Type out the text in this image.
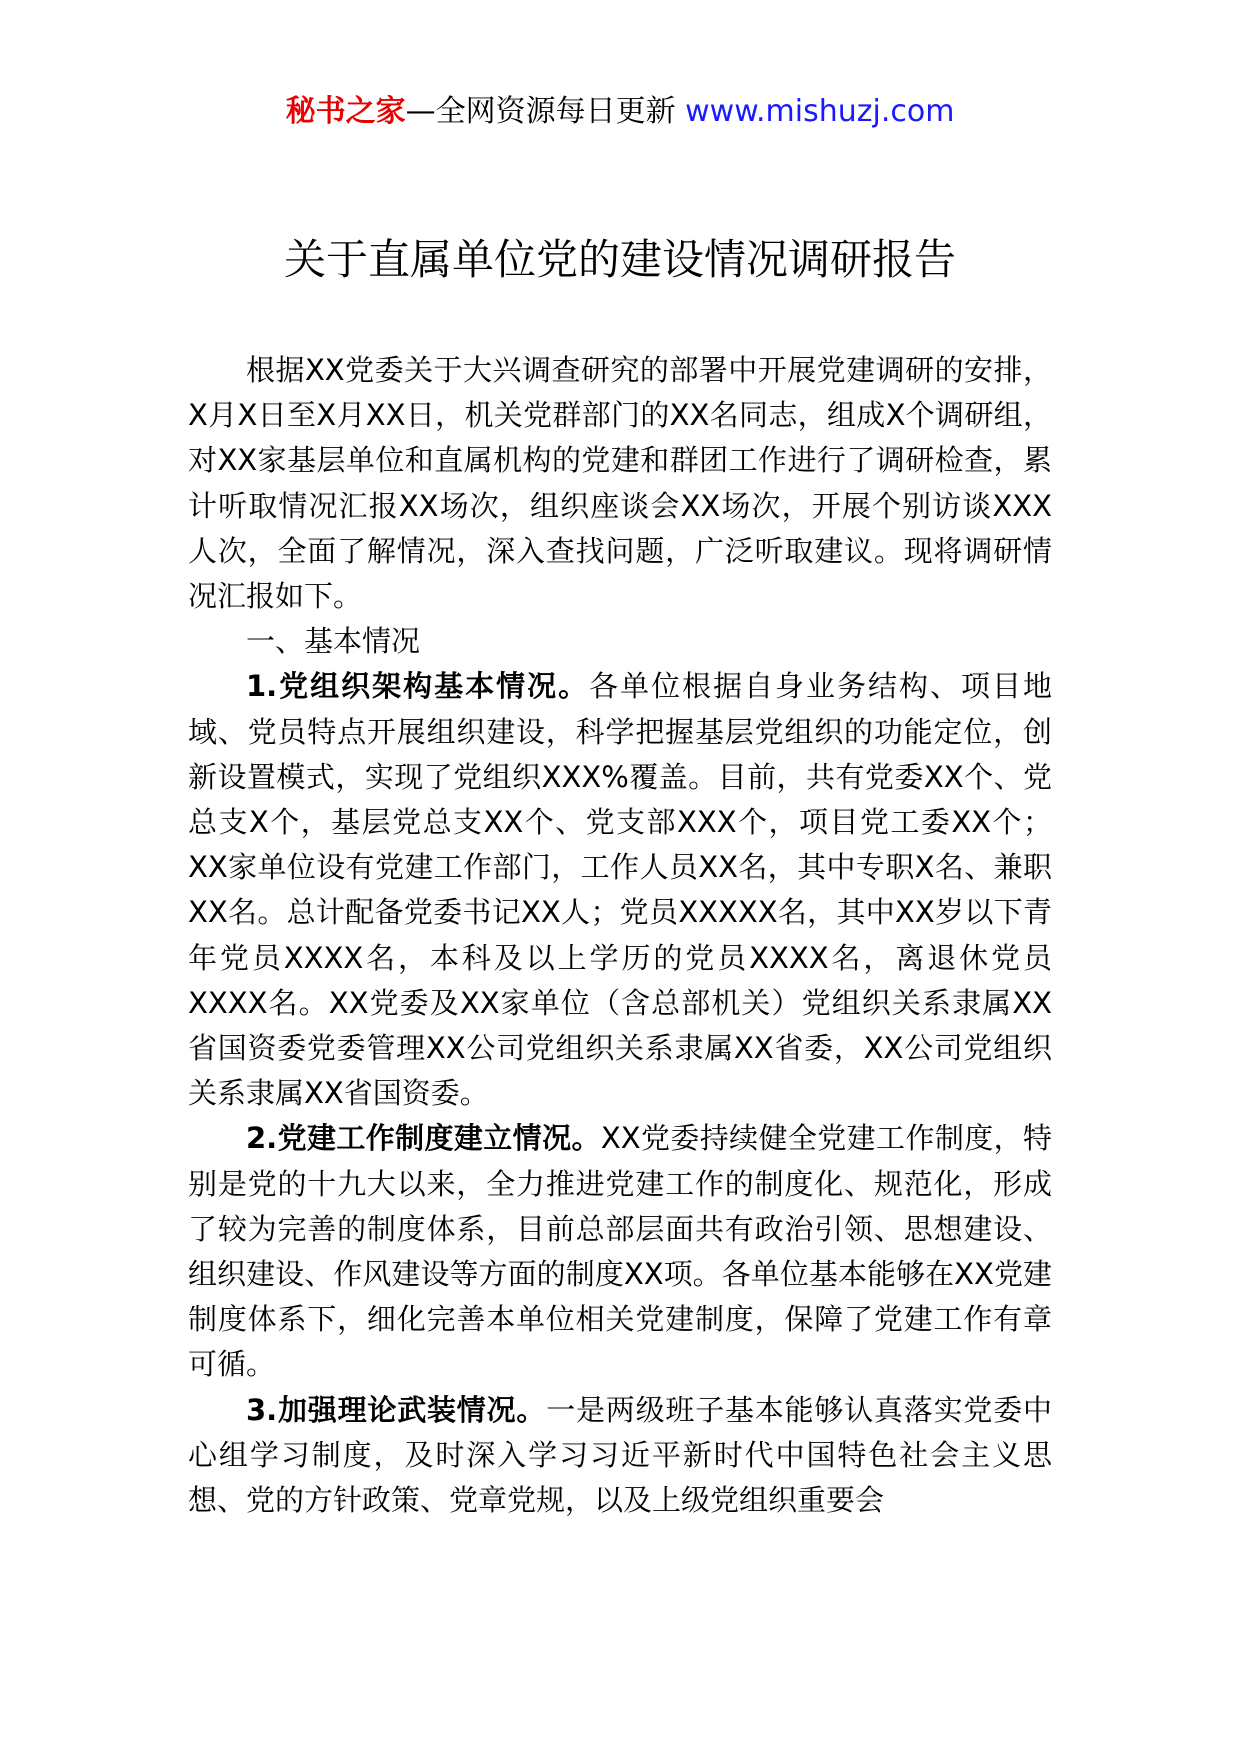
秘书之家—全网资源每日更新 www.mishuzj.com
关于直属单位党的建设情况调研报告

根据XX党委关于大兴调查研究的部署中开展党建调研的安排，X月X日至X月XX日，机关党群部门的XX名同志，组成X个调研组，对XX家基层单位和直属机构的党建和群团工作进行了调研检查，累计听取情况汇报XX场次，组织座谈会XX场次，开展个别访谈XXX人次，全面了解情况，深入查找问题，广泛听取建议。现将调研情况汇报如下。

一、基本情况

1.党组织架构基本情况。各单位根据自身业务结构、项目地域、党员特点开展组织建设，科学把握基层党组织的功能定位，创新设置模式，实现了党组织XXX%覆盖。目前，共有党委XX个、党总支X个，基层党总支XX个、党支部XXX个，项目党工委XX个；XX家单位设有党建工作部门，工作人员XX名，其中专职X名、兼职XX名。总计配备党委书记XX人；党员XXXXX名，其中XX岁以下青年党员XXXX名，本科及以上学历的党员XXXX名，离退休党员XXXX名。XX党委及XX家单位（含总部机关）党组织关系隶属XX省国资委党委管理XX公司党组织关系隶属XX省委，XX公司党组织关系隶属XX省国资委。

2.党建工作制度建立情况。XX党委持续健全党建工作制度，特别是党的十九大以来，全力推进党建工作的制度化、规范化，形成了较为完善的制度体系，目前总部层面共有政治引领、思想建设、组织建设、作风建设等方面的制度XX项。各单位基本能够在XX党建制度体系下，细化完善本单位相关党建制度，保障了党建工作有章可循。

3.加强理论武装情况。一是两级班子基本能够认真落实党委中心组学习制度，及时深入学习习近平新时代中国特色社会主义思想、党的方针政策、党章党规，以及上级党组织重要会
